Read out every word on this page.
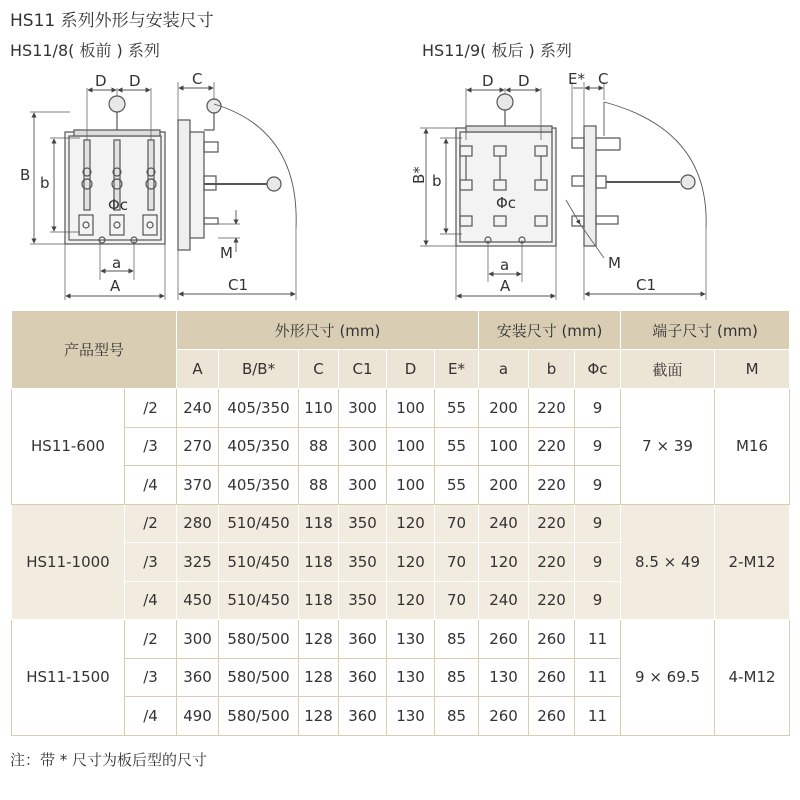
HS11 系列外形与安装尺寸
HS11/8( 板前 ) 系列	HS11/9( 板后 ) 系列
D D	C
B b
Φc
M
a
A	C1
D D	E* C
B* b
Φc
M
a
A	C1
产品型号		外形尺寸 (mm)						安装尺寸 (mm)			端子尺寸 (mm)	
		A	B/B*	C	C1	D	E*	a	b	Φc	截面	M
HS11-600	/2	240	405/350	110	300	100	55	200	220	9	7 × 39	M16
	/3	270	405/350	88	300	100	55	100	220	9		
	/4	370	405/350	88	300	100	55	200	220	9		
HS11-1000	/2	280	510/450	118	350	120	70	240	220	9	8.5 × 49	2-M12
	/3	325	510/450	118	350	120	70	120	220	9		
	/4	450	510/450	118	350	120	70	240	220	9		
HS11-1500	/2	300	580/500	128	360	130	85	260	260	11	9 × 69.5	4-M12
	/3	360	580/500	128	360	130	85	130	260	11		
	/4	490	580/500	128	360	130	85	260	260	11		
注：带 * 尺寸为板后型的尺寸
